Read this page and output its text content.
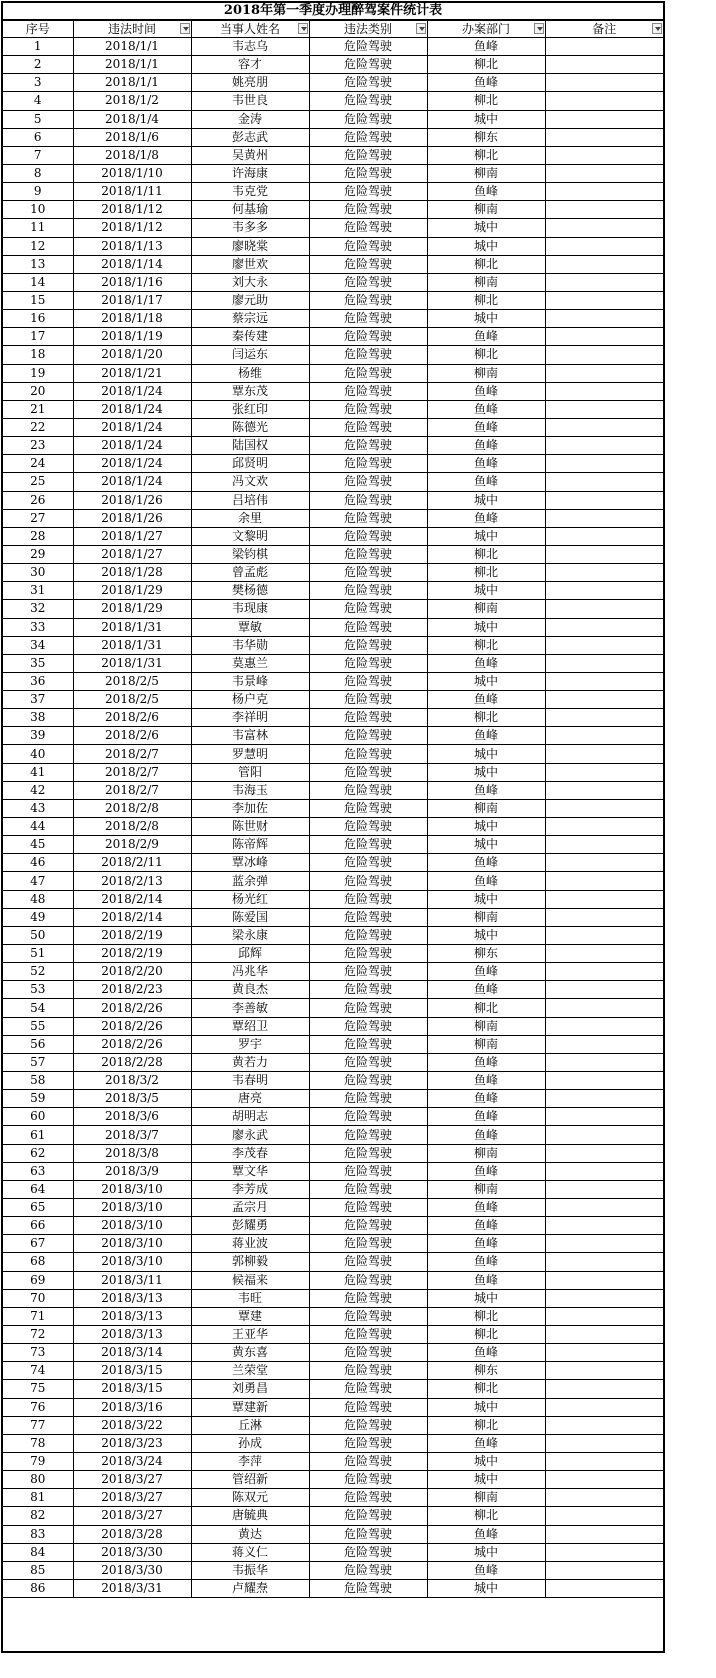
2018年第一季度办理醉驾案件统计表
序号	违法时间	当事人姓名	违法类别	办案部门	备注

1	2018/1/1	韦志乌	危险驾驶	鱼峰	
2	2018/1/1	容才	危险驾驶	柳北	
3	2018/1/1	姚亮朋	危险驾驶	鱼峰	
4	2018/1/2	韦世良	危险驾驶	柳北	
5	2018/1/4	金涛	危险驾驶	城中	
6	2018/1/6	彭志武	危险驾驶	柳东	
7	2018/1/8	吴黄州	危险驾驶	柳北	
8	2018/1/10	许海康	危险驾驶	柳南	
9	2018/1/11	韦克党	危险驾驶	鱼峰	
10	2018/1/12	何基瑜	危险驾驶	柳南	
11	2018/1/12	韦多多	危险驾驶	城中	
12	2018/1/13	廖晓棠	危险驾驶	城中	
13	2018/1/14	廖世欢	危险驾驶	柳北	
14	2018/1/16	刘大永	危险驾驶	柳南	
15	2018/1/17	廖元助	危险驾驶	柳北	
16	2018/1/18	蔡宗远	危险驾驶	城中	
17	2018/1/19	秦传建	危险驾驶	鱼峰	
18	2018/1/20	闫运东	危险驾驶	柳北	
19	2018/1/21	杨维	危险驾驶	柳南	
20	2018/1/24	覃东茂	危险驾驶	鱼峰	
21	2018/1/24	张红印	危险驾驶	鱼峰	
22	2018/1/24	陈德光	危险驾驶	鱼峰	
23	2018/1/24	陆国权	危险驾驶	鱼峰	
24	2018/1/24	邱贤明	危险驾驶	鱼峰	
25	2018/1/24	冯文欢	危险驾驶	鱼峰	
26	2018/1/26	吕培伟	危险驾驶	城中	
27	2018/1/26	余里	危险驾驶	鱼峰	
28	2018/1/27	文黎明	危险驾驶	城中	
29	2018/1/27	梁钧棋	危险驾驶	柳北	
30	2018/1/28	曾孟彪	危险驾驶	柳北	
31	2018/1/29	樊杨德	危险驾驶	城中	
32	2018/1/29	韦现康	危险驾驶	柳南	
33	2018/1/31	覃敏	危险驾驶	城中	
34	2018/1/31	韦华勋	危险驾驶	柳北	
35	2018/1/31	莫惠兰	危险驾驶	鱼峰	
36	2018/2/5	韦景峰	危险驾驶	城中	
37	2018/2/5	杨户克	危险驾驶	鱼峰	
38	2018/2/6	李祥明	危险驾驶	柳北	
39	2018/2/6	韦富林	危险驾驶	鱼峰	
40	2018/2/7	罗慧明	危险驾驶	城中	
41	2018/2/7	管阳	危险驾驶	城中	
42	2018/2/7	韦海玉	危险驾驶	鱼峰	
43	2018/2/8	李加佐	危险驾驶	柳南	
44	2018/2/8	陈世财	危险驾驶	城中	
45	2018/2/9	陈帝辉	危险驾驶	城中	
46	2018/2/11	覃冰峰	危险驾驶	鱼峰	
47	2018/2/13	蓝余弹	危险驾驶	鱼峰	
48	2018/2/14	杨光红	危险驾驶	城中	
49	2018/2/14	陈爱国	危险驾驶	柳南	
50	2018/2/19	梁永康	危险驾驶	城中	
51	2018/2/19	邱辉	危险驾驶	柳东	
52	2018/2/20	冯兆华	危险驾驶	鱼峰	
53	2018/2/23	黄良杰	危险驾驶	鱼峰	
54	2018/2/26	李善敏	危险驾驶	柳北	
55	2018/2/26	覃绍卫	危险驾驶	柳南	
56	2018/2/26	罗宇	危险驾驶	柳南	
57	2018/2/28	黄若力	危险驾驶	鱼峰	
58	2018/3/2	韦春明	危险驾驶	鱼峰	
59	2018/3/5	唐亮	危险驾驶	鱼峰	
60	2018/3/6	胡明志	危险驾驶	鱼峰	
61	2018/3/7	廖永武	危险驾驶	鱼峰	
62	2018/3/8	李茂春	危险驾驶	柳南	
63	2018/3/9	覃文华	危险驾驶	鱼峰	
64	2018/3/10	李芳成	危险驾驶	柳南	
65	2018/3/10	孟宗月	危险驾驶	鱼峰	
66	2018/3/10	彭耀勇	危险驾驶	鱼峰	
67	2018/3/10	蒋业波	危险驾驶	鱼峰	
68	2018/3/10	郭柳毅	危险驾驶	鱼峰	
69	2018/3/11	候福来	危险驾驶	鱼峰	
70	2018/3/13	韦旺	危险驾驶	城中	
71	2018/3/13	覃建	危险驾驶	柳北	
72	2018/3/13	王亚华	危险驾驶	柳北	
73	2018/3/14	黄东喜	危险驾驶	鱼峰	
74	2018/3/15	兰荣堂	危险驾驶	柳东	
75	2018/3/15	刘勇昌	危险驾驶	柳北	
76	2018/3/16	覃建新	危险驾驶	城中	
77	2018/3/22	丘淋	危险驾驶	柳北	
78	2018/3/23	孙成	危险驾驶	鱼峰	
79	2018/3/24	李萍	危险驾驶	城中	
80	2018/3/27	管绍新	危险驾驶	城中	
81	2018/3/27	陈双元	危险驾驶	柳南	
82	2018/3/27	唐毓典	危险驾驶	柳北	
83	2018/3/28	黄达	危险驾驶	鱼峰	
84	2018/3/30	蒋义仁	危险驾驶	城中	
85	2018/3/30	韦振华	危险驾驶	鱼峰	
86	2018/3/31	卢耀焘	危险驾驶	城中	
